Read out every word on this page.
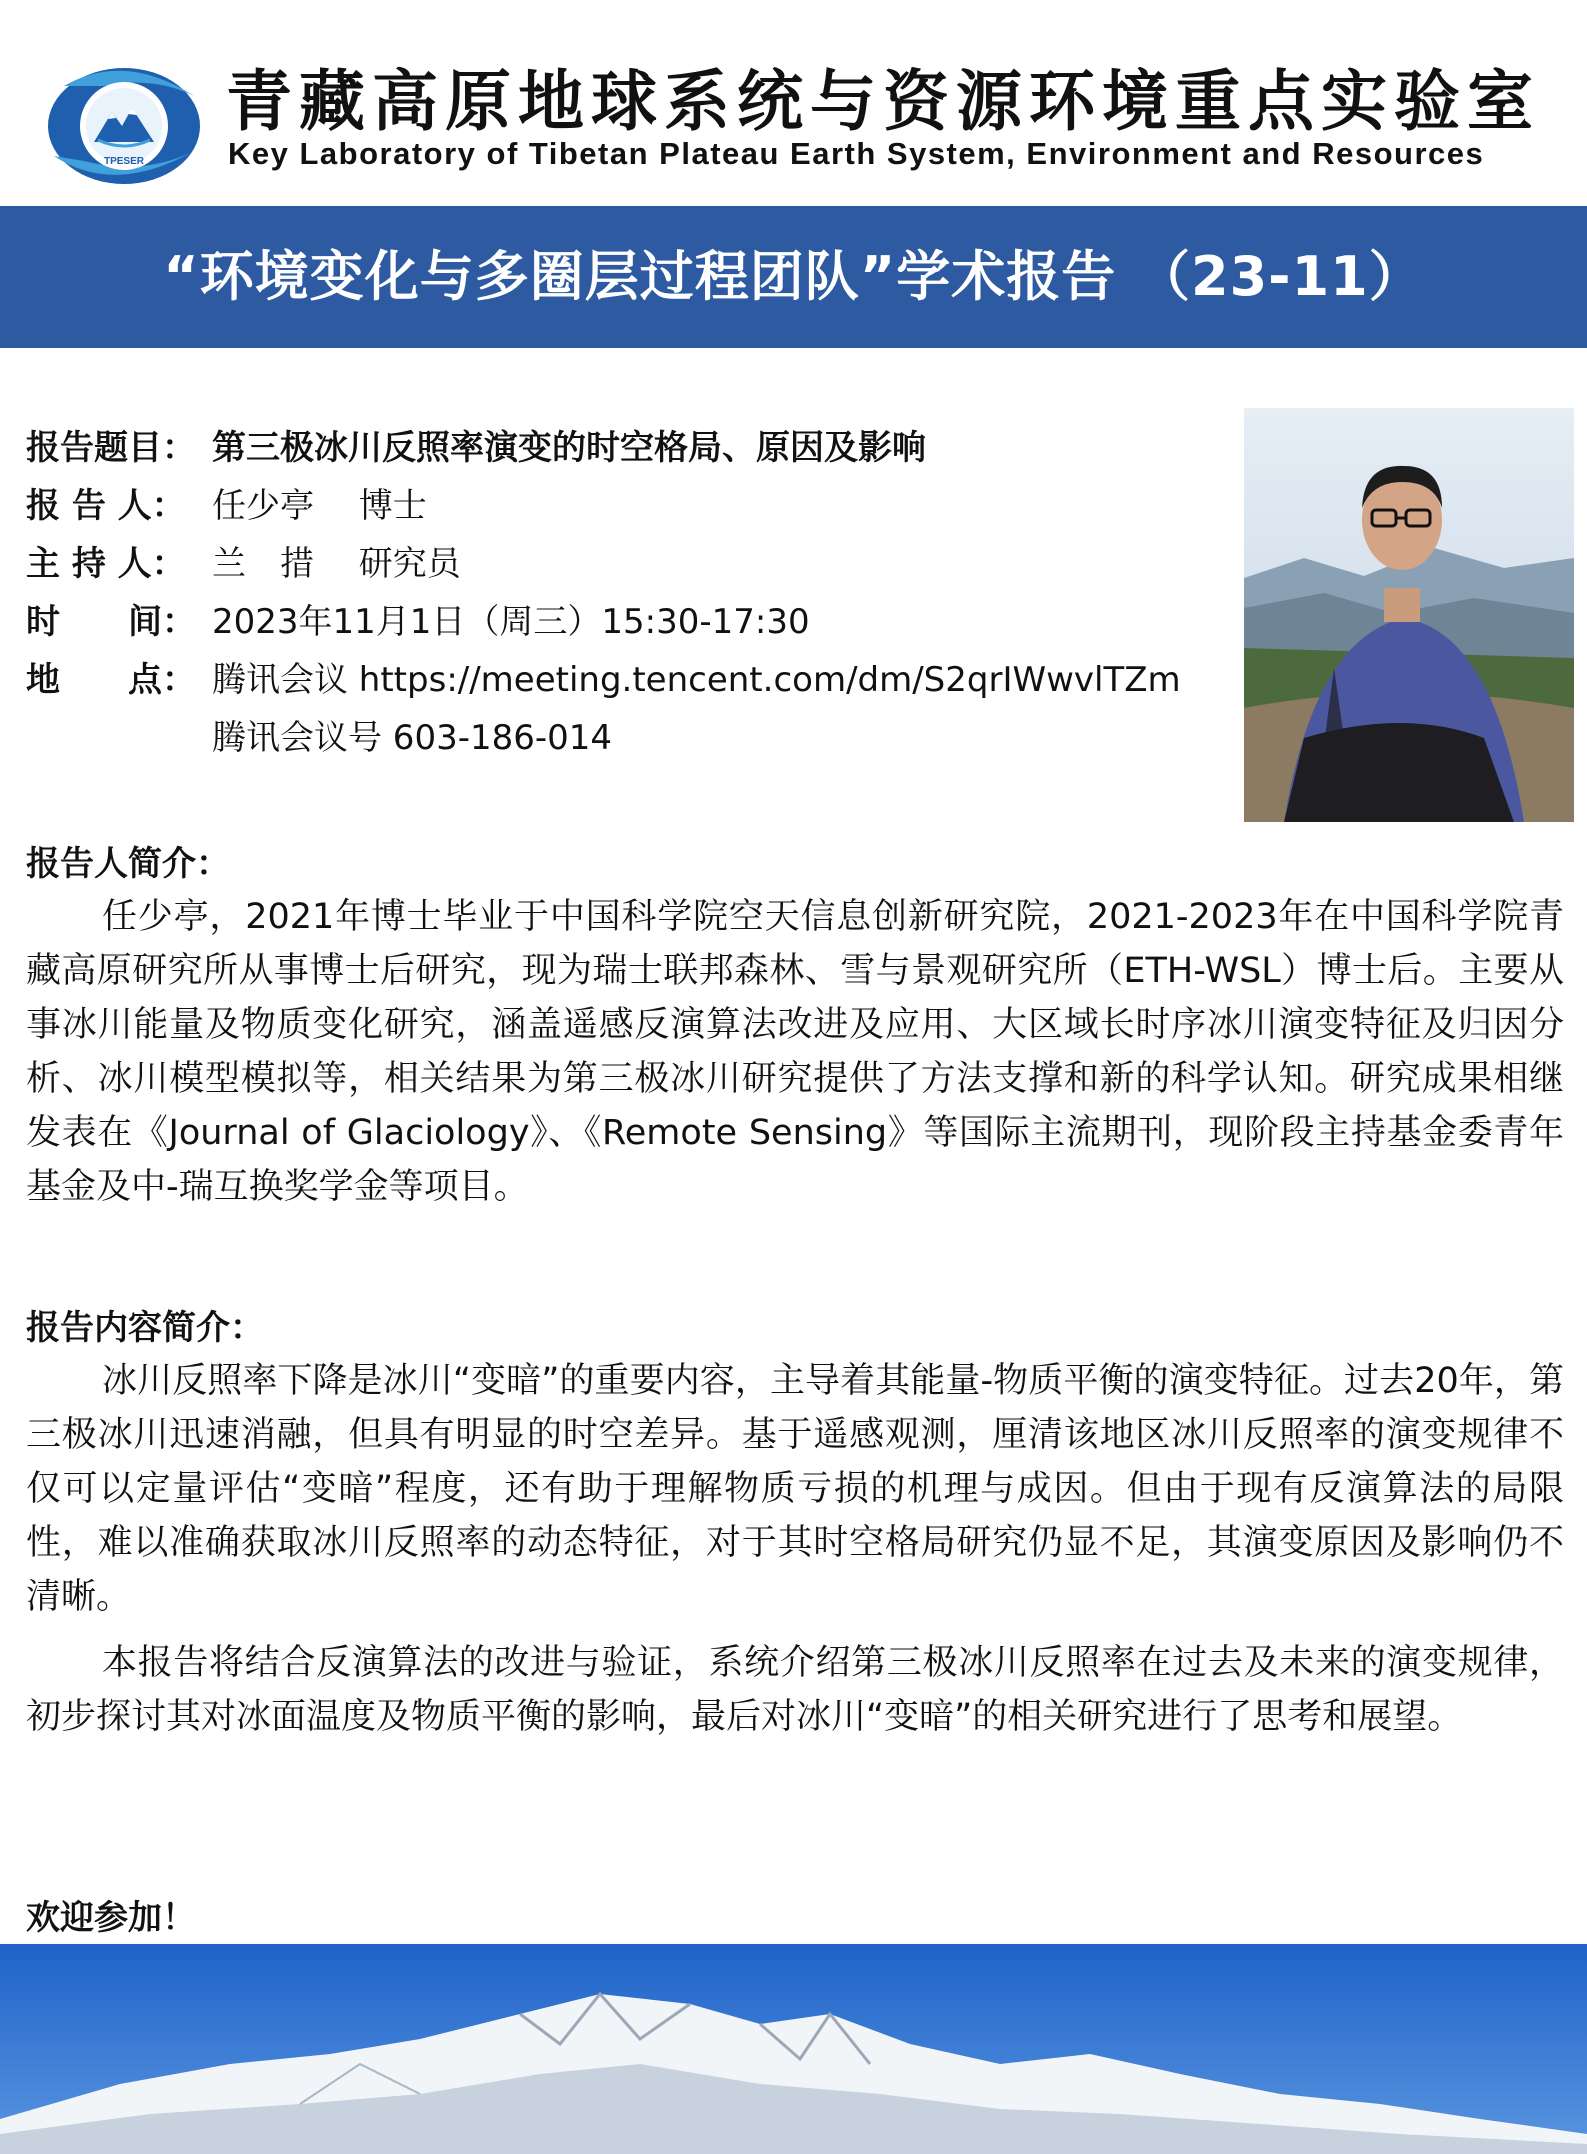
TPESER
青藏高原地球系统与资源环境重点实验室
Key Laboratory of Tibetan Plateau Earth System, Environment and Resources
“环境变化与多圈层过程团队”学术报告 （23-11）
报告题目： 第三极冰川反照率演变的时空格局、原因及影响
报 告 人： 任少亭　 博士
主 持 人： 兰　措　 研究员
时　　间： 2023年11月1日（周三）15:30-17:30
地　　点： 腾讯会议 https://meeting.tencent.com/dm/S2qrIWwvlTZm
腾讯会议号 603-186-014
报告人简介：
任少亭，2021年博士毕业于中国科学院空天信息创新研究院，2021-2023年在中国科学院青藏高原研究所从事博士后研究，现为瑞士联邦森林、雪与景观研究所（ETH-WSL）博士后。主要从事冰川能量及物质变化研究，涵盖遥感反演算法改进及应用、大区域长时序冰川演变特征及归因分析、冰川模型模拟等，相关结果为第三极冰川研究提供了方法支撑和新的科学认知。研究成果相继发表在《Journal of Glaciology》、《Remote Sensing》等国际主流期刊，现阶段主持基金委青年基金及中-瑞互换奖学金等项目。
报告内容简介：
冰川反照率下降是冰川“变暗”的重要内容，主导着其能量-物质平衡的演变特征。过去20年，第三极冰川迅速消融，但具有明显的时空差异。基于遥感观测，厘清该地区冰川反照率的演变规律不仅可以定量评估“变暗”程度，还有助于理解物质亏损的机理与成因。但由于现有反演算法的局限性，难以准确获取冰川反照率的动态特征，对于其时空格局研究仍显不足，其演变原因及影响仍不清晰。
本报告将结合反演算法的改进与验证，系统介绍第三极冰川反照率在过去及未来的演变规律，初步探讨其对冰面温度及物质平衡的影响，最后对冰川“变暗”的相关研究进行了思考和展望。
欢迎参加！
